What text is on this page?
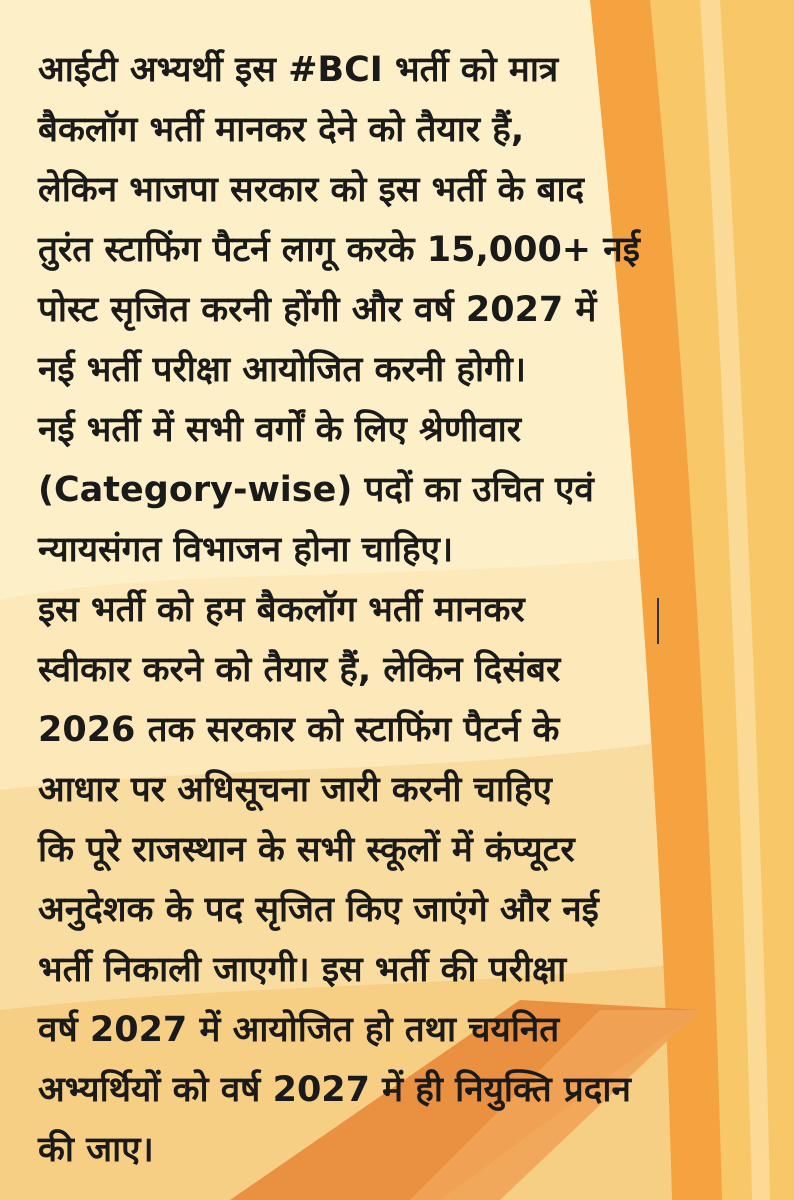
आईटी अभ्यर्थी इस #BCI भर्ती को मात्र
बैकलॉग भर्ती मानकर देने को तैयार हैं,
लेकिन भाजपा सरकार को इस भर्ती के बाद
तुरंत स्टाफिंग पैटर्न लागू करके 15,000+ नई
पोस्ट सृजित करनी होंगी और वर्ष 2027 में
नई भर्ती परीक्षा आयोजित करनी होगी।
नई भर्ती में सभी वर्गों के लिए श्रेणीवार
(Category-wise) पदों का उचित एवं
न्यायसंगत विभाजन होना चाहिए।
इस भर्ती को हम बैकलॉग भर्ती मानकर
स्वीकार करने को तैयार हैं, लेकिन दिसंबर
2026 तक सरकार को स्टाफिंग पैटर्न के
आधार पर अधिसूचना जारी करनी चाहिए
कि पूरे राजस्थान के सभी स्कूलों में कंप्यूटर
अनुदेशक के पद सृजित किए जाएंगे और नई
भर्ती निकाली जाएगी। इस भर्ती की परीक्षा
वर्ष 2027 में आयोजित हो तथा चयनित
अभ्यर्थियों को वर्ष 2027 में ही नियुक्ति प्रदान
की जाए।
